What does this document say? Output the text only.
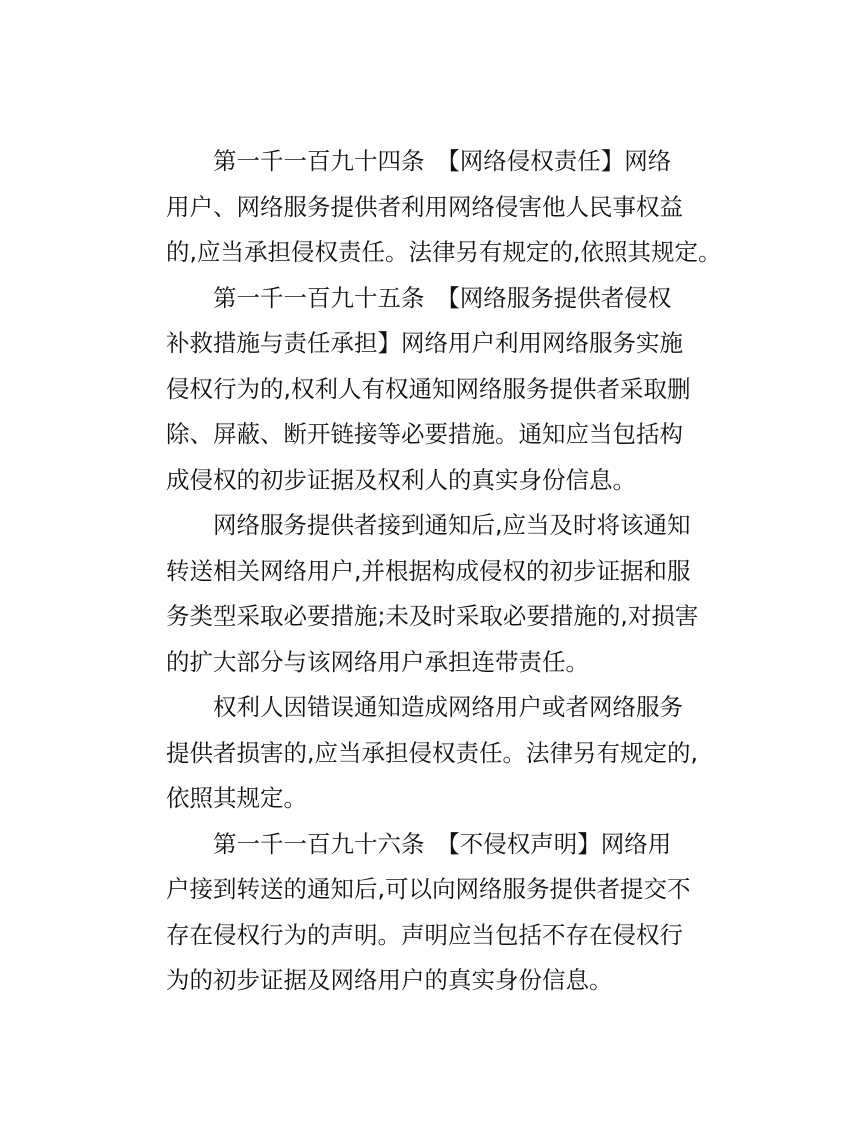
第一千一百九十四条　【网络侵权责任】网络
用户、网络服务提供者利用网络侵害他人民事权益
的,应当承担侵权责任。法律另有规定的,依照其规定。
第一千一百九十五条　【网络服务提供者侵权
补救措施与责任承担】网络用户利用网络服务实施
侵权行为的,权利人有权通知网络服务提供者采取删
除、屏蔽、断开链接等必要措施。通知应当包括构
成侵权的初步证据及权利人的真实身份信息。
网络服务提供者接到通知后,应当及时将该通知
转送相关网络用户,并根据构成侵权的初步证据和服
务类型采取必要措施;未及时采取必要措施的,对损害
的扩大部分与该网络用户承担连带责任。
权利人因错误通知造成网络用户或者网络服务
提供者损害的,应当承担侵权责任。法律另有规定的,
依照其规定。
第一千一百九十六条　【不侵权声明】网络用
户接到转送的通知后,可以向网络服务提供者提交不
存在侵权行为的声明。声明应当包括不存在侵权行
为的初步证据及网络用户的真实身份信息。
